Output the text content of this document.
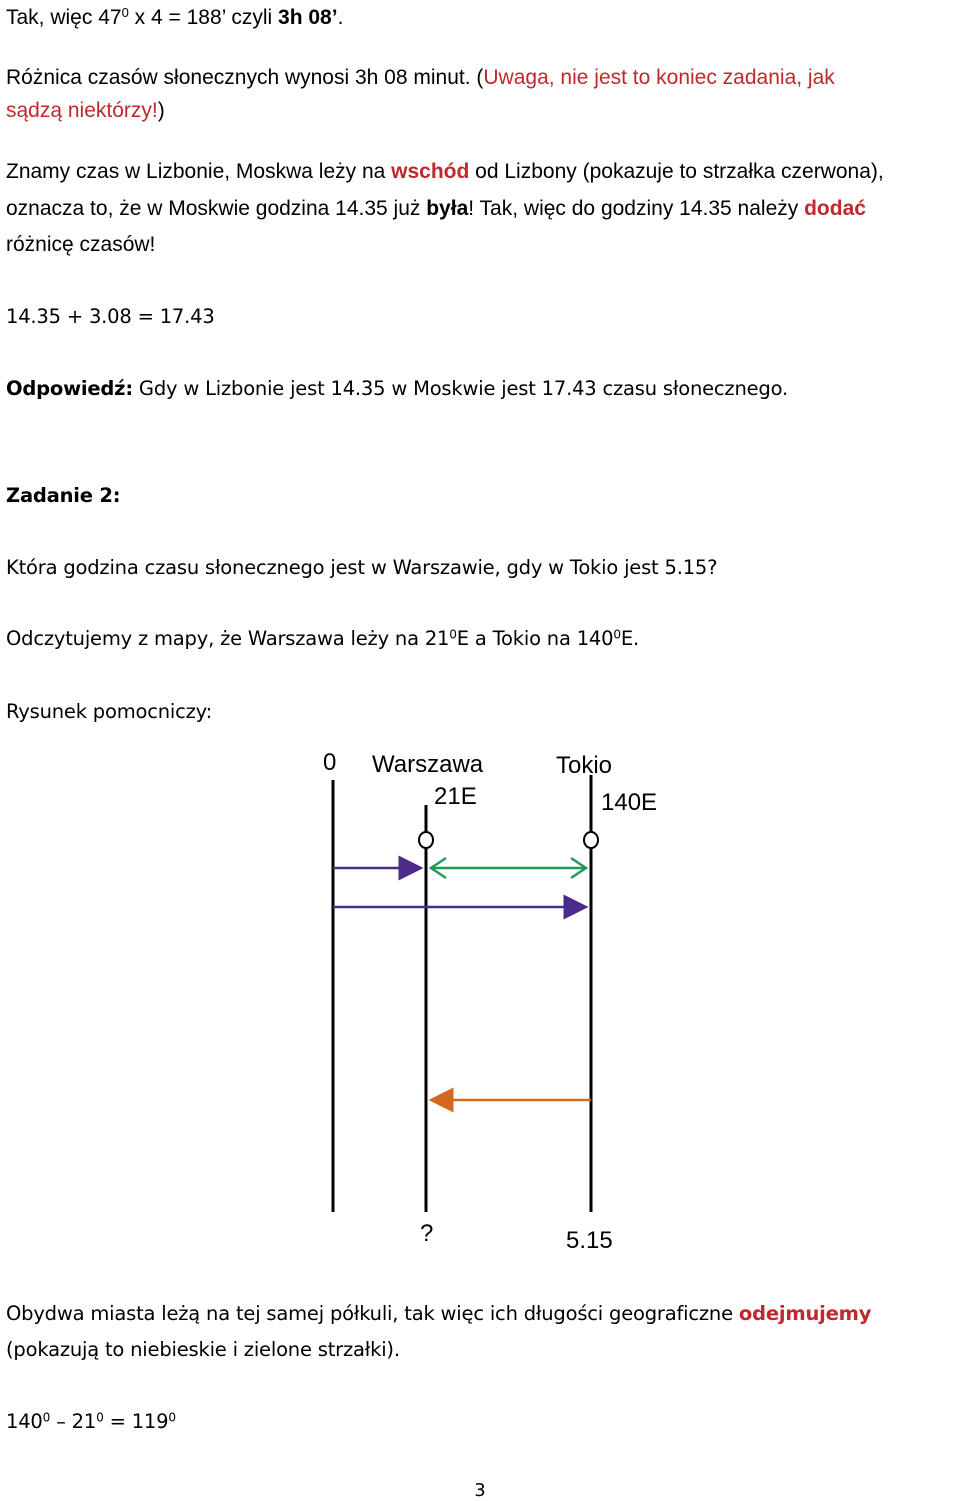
Tak, więc $47^0$ x 4 = 188’ czyli 3h 08’.
Różnica czasów słonecznych wynosi 3h 08 minut. (Uwaga, nie jest to koniec zadania, jak
sądzą niektórzy!)
Znamy czas w Lizbonie, Moskwa leży na wschód od Lizbony (pokazuje to strzałka czerwona),
oznacza to, że w Moskwie godzina 14.35 już była! Tak, więc do godziny 14.35 należy dodać
różnicę czasów!
14.35 + 3.08 = 17.43
Odpowiedź: Gdy w Lizbonie jest 14.35 w Moskwie jest 17.43 czasu słonecznego.
Zadanie 2:
Która godzina czasu słonecznego jest w Warszawie, gdy w Tokio jest 5.15?
Odczytujemy z mapy, że Warszawa leży na $21^0E$ a Tokio na $140^0E$.
Rysunek pomocniczy:
0 Warszawa
21E
Tokio
140E
?	5.15
Obydwa miasta leżą na tej samej półkuli, tak więc ich długości geograficzne odejmujemy
(pokazują to niebieskie i zielone strzałki).
$140^0 - 21^0 = 119^0$
3
